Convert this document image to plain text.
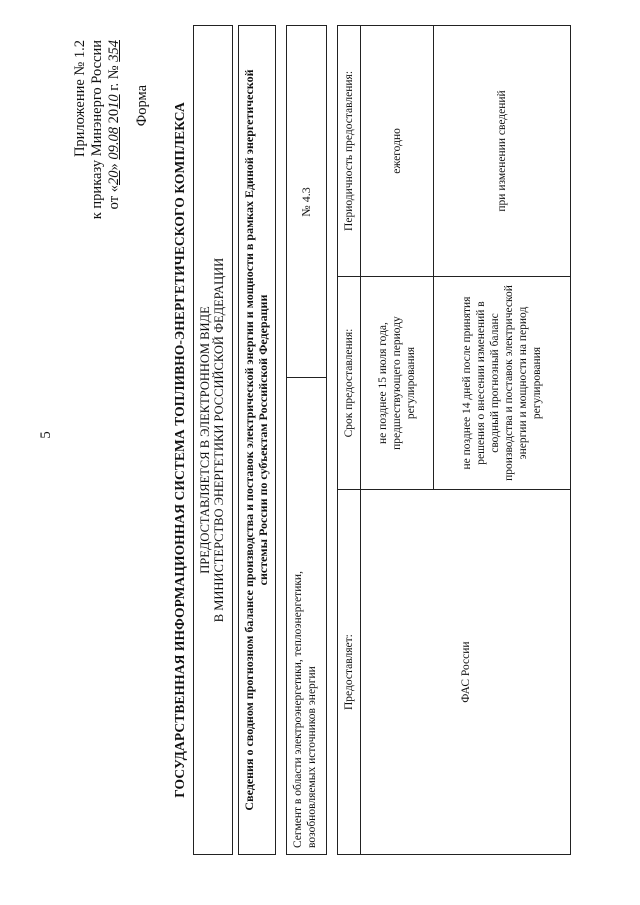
5
Приложение № 1.2 к приказу Минэнерго России от «20» 09.08 2010 г. № 354
Форма ГОСУДАРСТВЕННАЯ ИНФОРМАЦИОННАЯ СИСТЕМА ТОПЛИВНО-ЭНЕРГЕТИЧЕСКОГО КОМПЛЕКСА ПРЕДОСТАВЛЯЕТСЯ В ЭЛЕКТРОННОМ ВИДЕ В МИНИСТЕРСТВО ЭНЕРГЕТИКИ РОССИЙСКОЙ ФЕДЕРАЦИИ Сведения о сводном прогнозном балансе производства и поставок электрической энергии и мощности в рамках Единой энергетической системы России по субъектам Российской Федерации
Сегмент в области электроэнергетики, теплоэнергетики, возобновляемых источников энергии
№ 4.3
Предоставляет:	Срок предоставления:	Периодичность предоставления:
ФАС России	не позднее 15 июля года, предшествующего периоду регулирования	ежегодно
	не позднее 14 дней после принятия решения о внесении изменений в сводный прогнозный баланс производства и поставок электрической энергии и мощности на период регулирования	при изменении сведений
